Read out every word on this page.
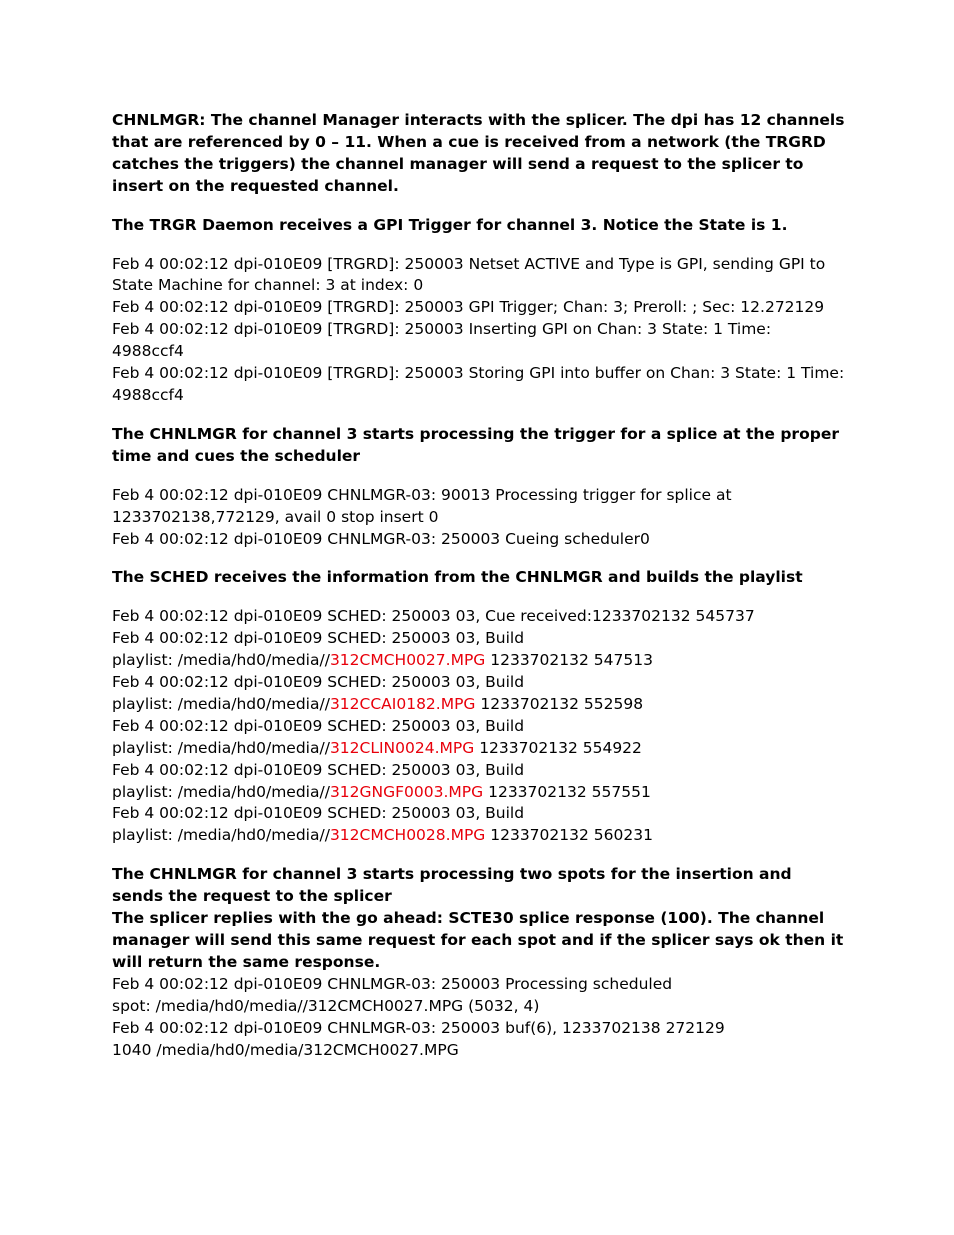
CHNLMGR: The channel Manager interacts with the splicer. The dpi has 12 channels that are referenced by 0 – 11. When a cue is received from a network (the TRGRD catches the triggers) the channel manager will send a request to the splicer to insert on the requested channel.

The TRGR Daemon receives a GPI Trigger for channel 3. Notice the State is 1.

Feb 4 00:02:12 dpi-010E09 [TRGRD]: 250003 Netset ACTIVE and Type is GPI, sending GPI to State Machine for channel: 3 at index: 0

Feb 4 00:02:12 dpi-010E09 [TRGRD]: 250003 GPI Trigger; Chan: 3; Preroll: ; Sec: 12.272129

Feb 4 00:02:12 dpi-010E09 [TRGRD]: 250003 Inserting GPI on Chan: 3 State: 1 Time: 4988ccf4

Feb 4 00:02:12 dpi-010E09 [TRGRD]: 250003 Storing GPI into buffer on Chan: 3 State: 1 Time: 4988ccf4

The CHNLMGR for channel 3 starts processing the trigger for a splice at the proper time and cues the scheduler

Feb 4 00:02:12 dpi-010E09 CHNLMGR-03: 90013 Processing trigger for splice at 1233702138,772129, avail 0 stop insert 0

Feb 4 00:02:12 dpi-010E09 CHNLMGR-03: 250003 Cueing scheduler0

The SCHED receives the information from the CHNLMGR and builds the playlist

Feb 4 00:02:12 dpi-010E09 SCHED: 250003 03, Cue received:1233702132 545737

Feb 4 00:02:12 dpi-010E09 SCHED: 250003 03, Build

playlist: /media/hd0/media//312CMCH0027.MPG 1233702132 547513

Feb 4 00:02:12 dpi-010E09 SCHED: 250003 03, Build

playlist: /media/hd0/media//312CCAI0182.MPG 1233702132 552598

Feb 4 00:02:12 dpi-010E09 SCHED: 250003 03, Build

playlist: /media/hd0/media//312CLIN0024.MPG 1233702132 554922

Feb 4 00:02:12 dpi-010E09 SCHED: 250003 03, Build

playlist: /media/hd0/media//312GNGF0003.MPG 1233702132 557551

Feb 4 00:02:12 dpi-010E09 SCHED: 250003 03, Build

playlist: /media/hd0/media//312CMCH0028.MPG 1233702132 560231

The CHNLMGR for channel 3 starts processing two spots for the insertion and sends the request to the splicer

The splicer replies with the go ahead: SCTE30 splice response (100). The channel manager will send this same request for each spot and if the splicer says ok then it will return the same response.

Feb 4 00:02:12 dpi-010E09 CHNLMGR-03: 250003 Processing scheduled

spot: /media/hd0/media//312CMCH0027.MPG (5032, 4)

Feb 4 00:02:12 dpi-010E09 CHNLMGR-03: 250003 buf(6), 1233702138 272129

1040 /media/hd0/media/312CMCH0027.MPG
